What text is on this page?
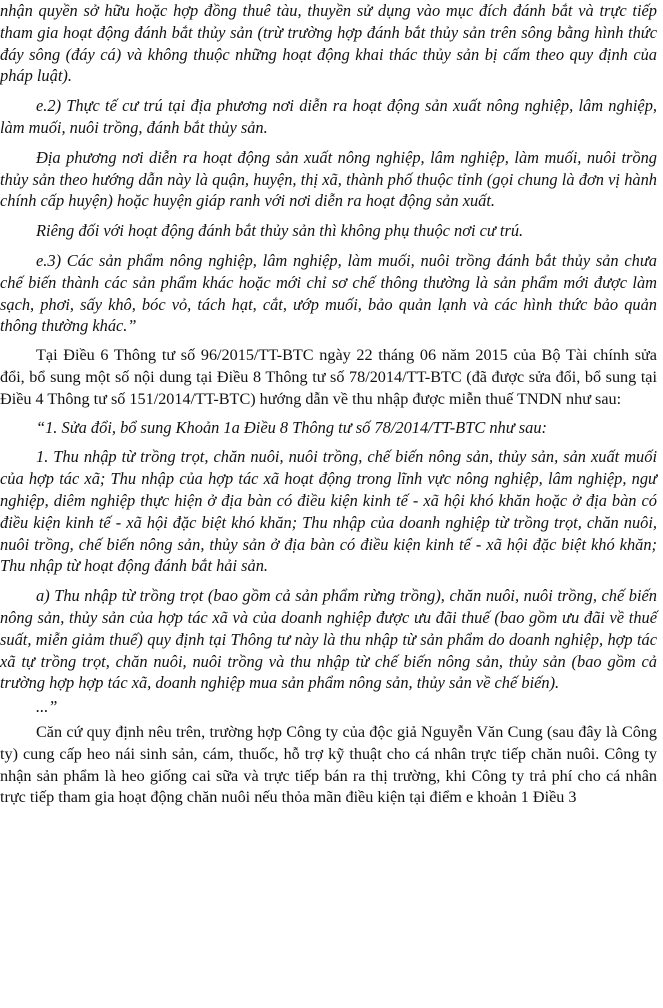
nhận quyền sở hữu hoặc hợp đồng thuê tàu, thuyền sử dụng vào mục đích đánh bắt và trực tiếp tham gia hoạt động đánh bắt thủy sản (trừ trường hợp đánh bắt thủy sản trên sông bằng hình thức đáy sông (đáy cá) và không thuộc những hoạt động khai thác thủy sản bị cấm theo quy định của pháp luật).

e.2) Thực tế cư trú tại địa phương nơi diễn ra hoạt động sản xuất nông nghiệp, lâm nghiệp, làm muối, nuôi trồng, đánh bắt thủy sản.

Địa phương nơi diễn ra hoạt động sản xuất nông nghiệp, lâm nghiệp, làm muối, nuôi trồng thủy sản theo hướng dẫn này là quận, huyện, thị xã, thành phố thuộc tỉnh (gọi chung là đơn vị hành chính cấp huyện) hoặc huyện giáp ranh với nơi diễn ra hoạt động sản xuất.

Riêng đối với hoạt động đánh bắt thủy sản thì không phụ thuộc nơi cư trú.

e.3) Các sản phẩm nông nghiệp, lâm nghiệp, làm muối, nuôi trồng đánh bắt thủy sản chưa chế biến thành các sản phẩm khác hoặc mới chỉ sơ chế thông thường là sản phẩm mới được làm sạch, phơi, sấy khô, bóc vỏ, tách hạt, cắt, ướp muối, bảo quản lạnh và các hình thức bảo quản thông thường khác.”

Tại Điều 6 Thông tư số 96/2015/TT-BTC ngày 22 tháng 06 năm 2015 của Bộ Tài chính sửa đổi, bổ sung một số nội dung tại Điều 8 Thông tư số 78/2014/TT-BTC (đã được sửa đổi, bổ sung tại Điều 4 Thông tư số 151/2014/TT-BTC) hướng dẫn về thu nhập được miễn thuế TNDN như sau:

“1. Sửa đổi, bổ sung Khoản 1a Điều 8 Thông tư số 78/2014/TT-BTC như sau:

1. Thu nhập từ trồng trọt, chăn nuôi, nuôi trồng, chế biến nông sản, thủy sản, sản xuất muối của hợp tác xã; Thu nhập của hợp tác xã hoạt động trong lĩnh vực nông nghiệp, lâm nghiệp, ngư nghiệp, diêm nghiệp thực hiện ở địa bàn có điều kiện kinh tế - xã hội khó khăn hoặc ở địa bàn có điều kiện kinh tế - xã hội đặc biệt khó khăn; Thu nhập của doanh nghiệp từ trồng trọt, chăn nuôi, nuôi trồng, chế biến nông sản, thủy sản ở địa bàn có điều kiện kinh tế - xã hội đặc biệt khó khăn; Thu nhập từ hoạt động đánh bắt hải sản.

a) Thu nhập từ trồng trọt (bao gồm cả sản phẩm rừng trồng), chăn nuôi, nuôi trồng, chế biến nông sản, thủy sản của hợp tác xã và của doanh nghiệp được ưu đãi thuế (bao gồm ưu đãi về thuế suất, miễn giảm thuế) quy định tại Thông tư này là thu nhập từ sản phẩm do doanh nghiệp, hợp tác xã tự trồng trọt, chăn nuôi, nuôi trồng và thu nhập từ chế biến nông sản, thủy sản (bao gồm cả trường hợp hợp tác xã, doanh nghiệp mua sản phẩm nông sản, thủy sản về chế biến).

...”

Căn cứ quy định nêu trên, trường hợp Công ty của độc giả Nguyễn Văn Cung (sau đây là Công ty) cung cấp heo nái sinh sản, cám, thuốc, hỗ trợ kỹ thuật cho cá nhân trực tiếp chăn nuôi. Công ty nhận sản phẩm là heo giống cai sữa và trực tiếp bán ra thị trường, khi Công ty trả phí cho cá nhân trực tiếp tham gia hoạt động chăn nuôi nếu thỏa mãn điều kiện tại điểm e khoản 1 Điều 3
